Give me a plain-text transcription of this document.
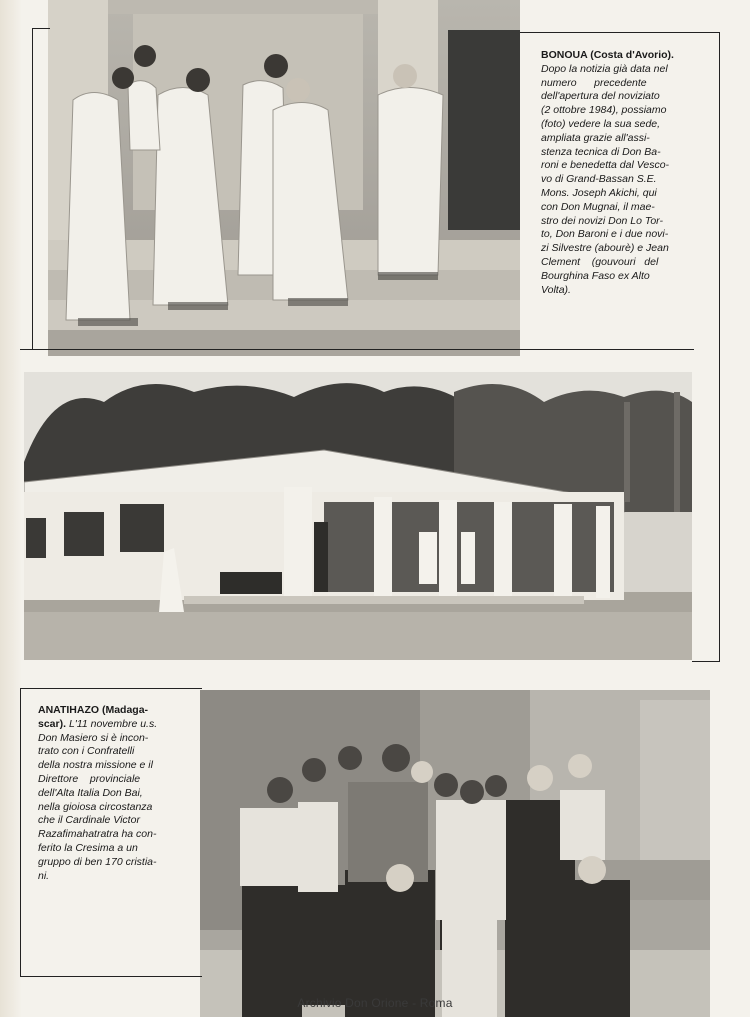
BONOUA (Costa d'Avorio).

Dopo la notizia già data nel

numero      precedente

dell'apertura del noviziato

(2 ottobre 1984), possiamo

(foto) vedere la sua sede,

ampliata grazie all'assi-

stenza tecnica di Don Ba-

roni e benedetta dal Vesco-

vo di Grand-Bassan S.E.

Mons. Joseph Akichi, qui

con Don Mugnai, il mae-

stro dei novizi Don Lo Tor-

to, Don Baroni e i due novi-

zi Silvestre (abourè) e Jean

Clement    (gouvouri   del

Bourghina Faso ex Alto

Volta).

ANATIHAZO (Madaga-

scar). L'11 novembre u.s.

Don Masiero si è incon-

trato con i Confratelli

della nostra missione e il

Direttore    provinciale

dell'Alta Italia Don Bai,

nella gioiosa circostanza

che il Cardinale Victor

Razafimahatratra ha con-

ferito la Cresima a un

gruppo di ben 170 cristia-

ni.

Archivio Don Orione - Roma
